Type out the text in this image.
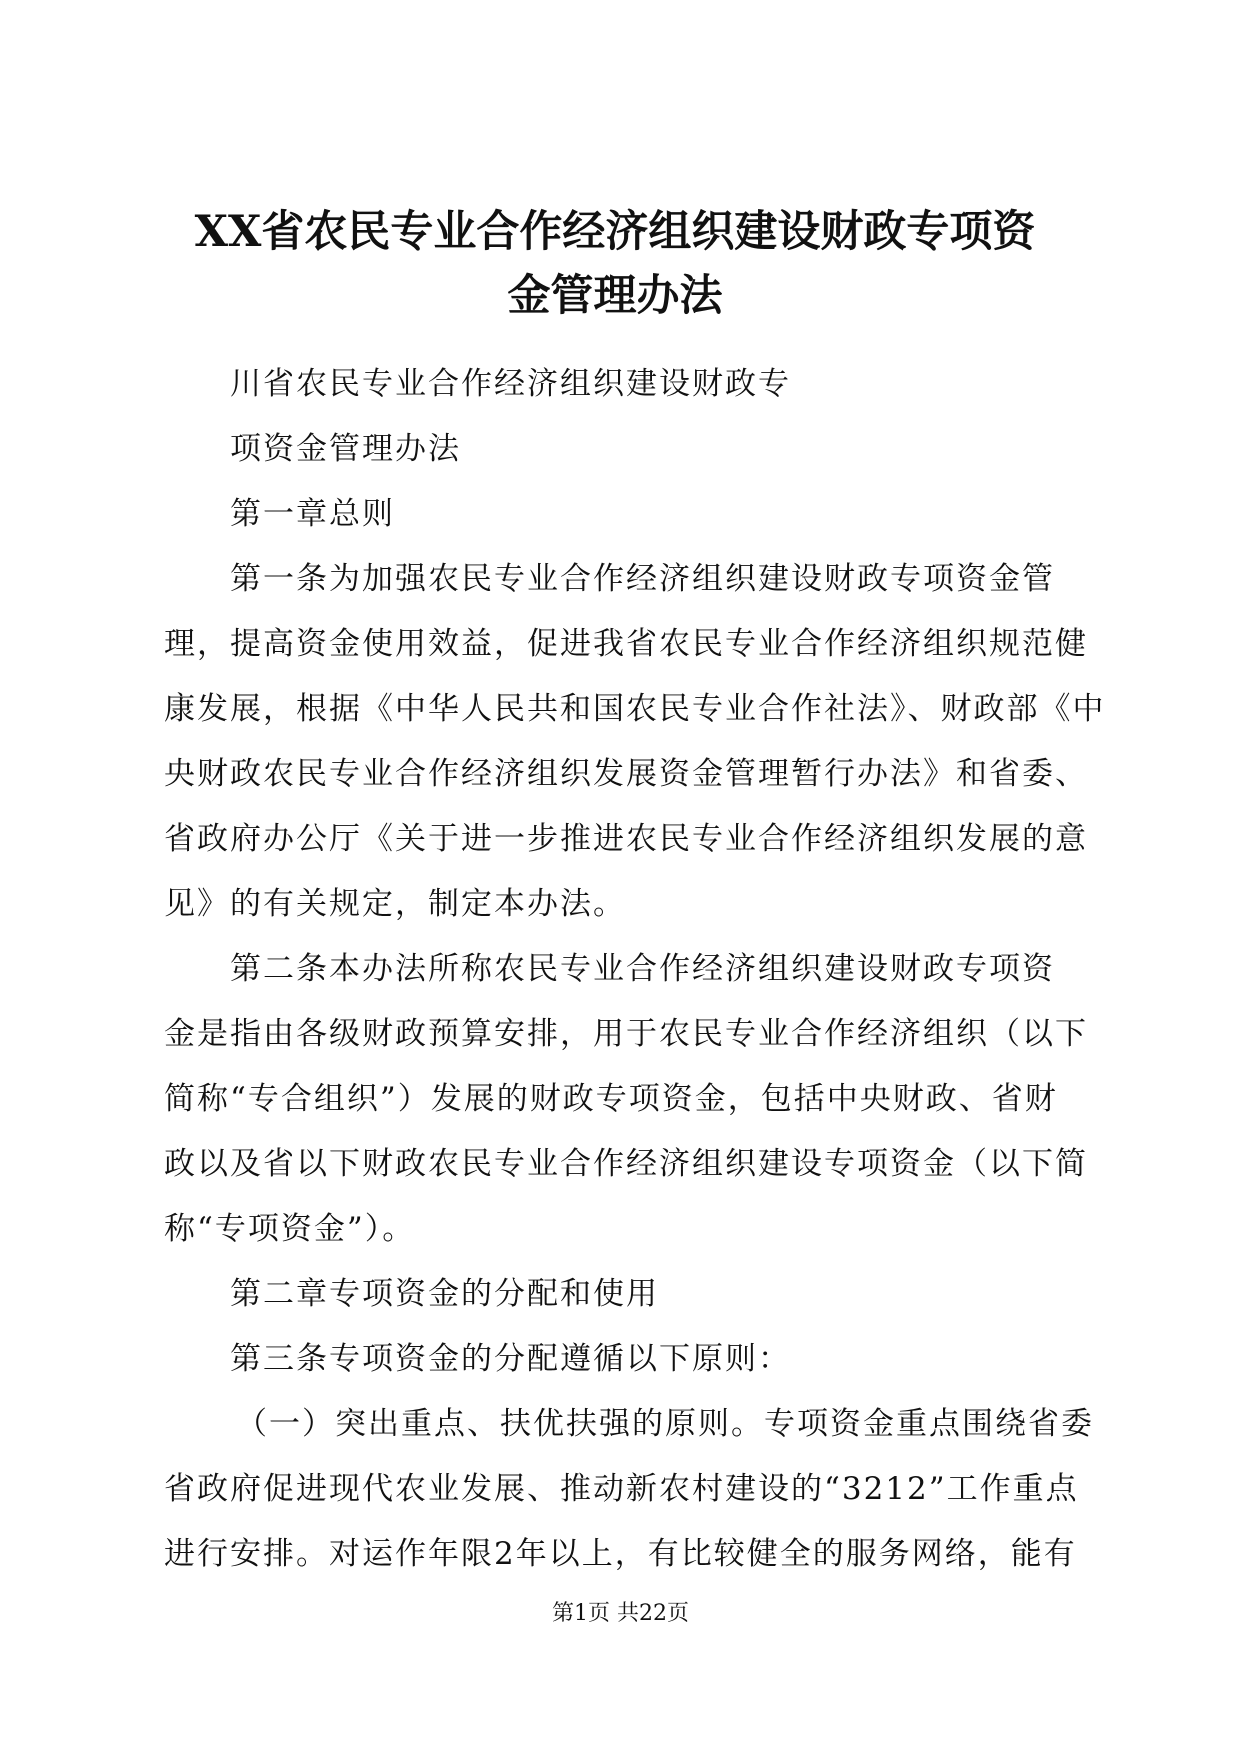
XX省农民专业合作经济组织建设财政专项资
金管理办法
川省农民专业合作经济组织建设财政专
项资金管理办法
第一章总则
第一条为加强农民专业合作经济组织建设财政专项资金管
理，提高资金使用效益，促进我省农民专业合作经济组织规范健
康发展，根据《中华人民共和国农民专业合作社法》、财政部《中
央财政农民专业合作经济组织发展资金管理暂行办法》和省委、
省政府办公厅《关于进一步推进农民专业合作经济组织发展的意
见》的有关规定，制定本办法。
第二条本办法所称农民专业合作经济组织建设财政专项资
金是指由各级财政预算安排，用于农民专业合作经济组织（以下
简称“专合组织”）发展的财政专项资金，包括中央财政、省财
政以及省以下财政农民专业合作经济组织建设专项资金（以下简
称“专项资金”）。
第二章专项资金的分配和使用
第三条专项资金的分配遵循以下原则：
（一）突出重点、扶优扶强的原则。专项资金重点围绕省委
省政府促进现代农业发展、推动新农村建设的“3212”工作重点
进行安排。对运作年限2年以上，有比较健全的服务网络，能有
第1页 共22页
